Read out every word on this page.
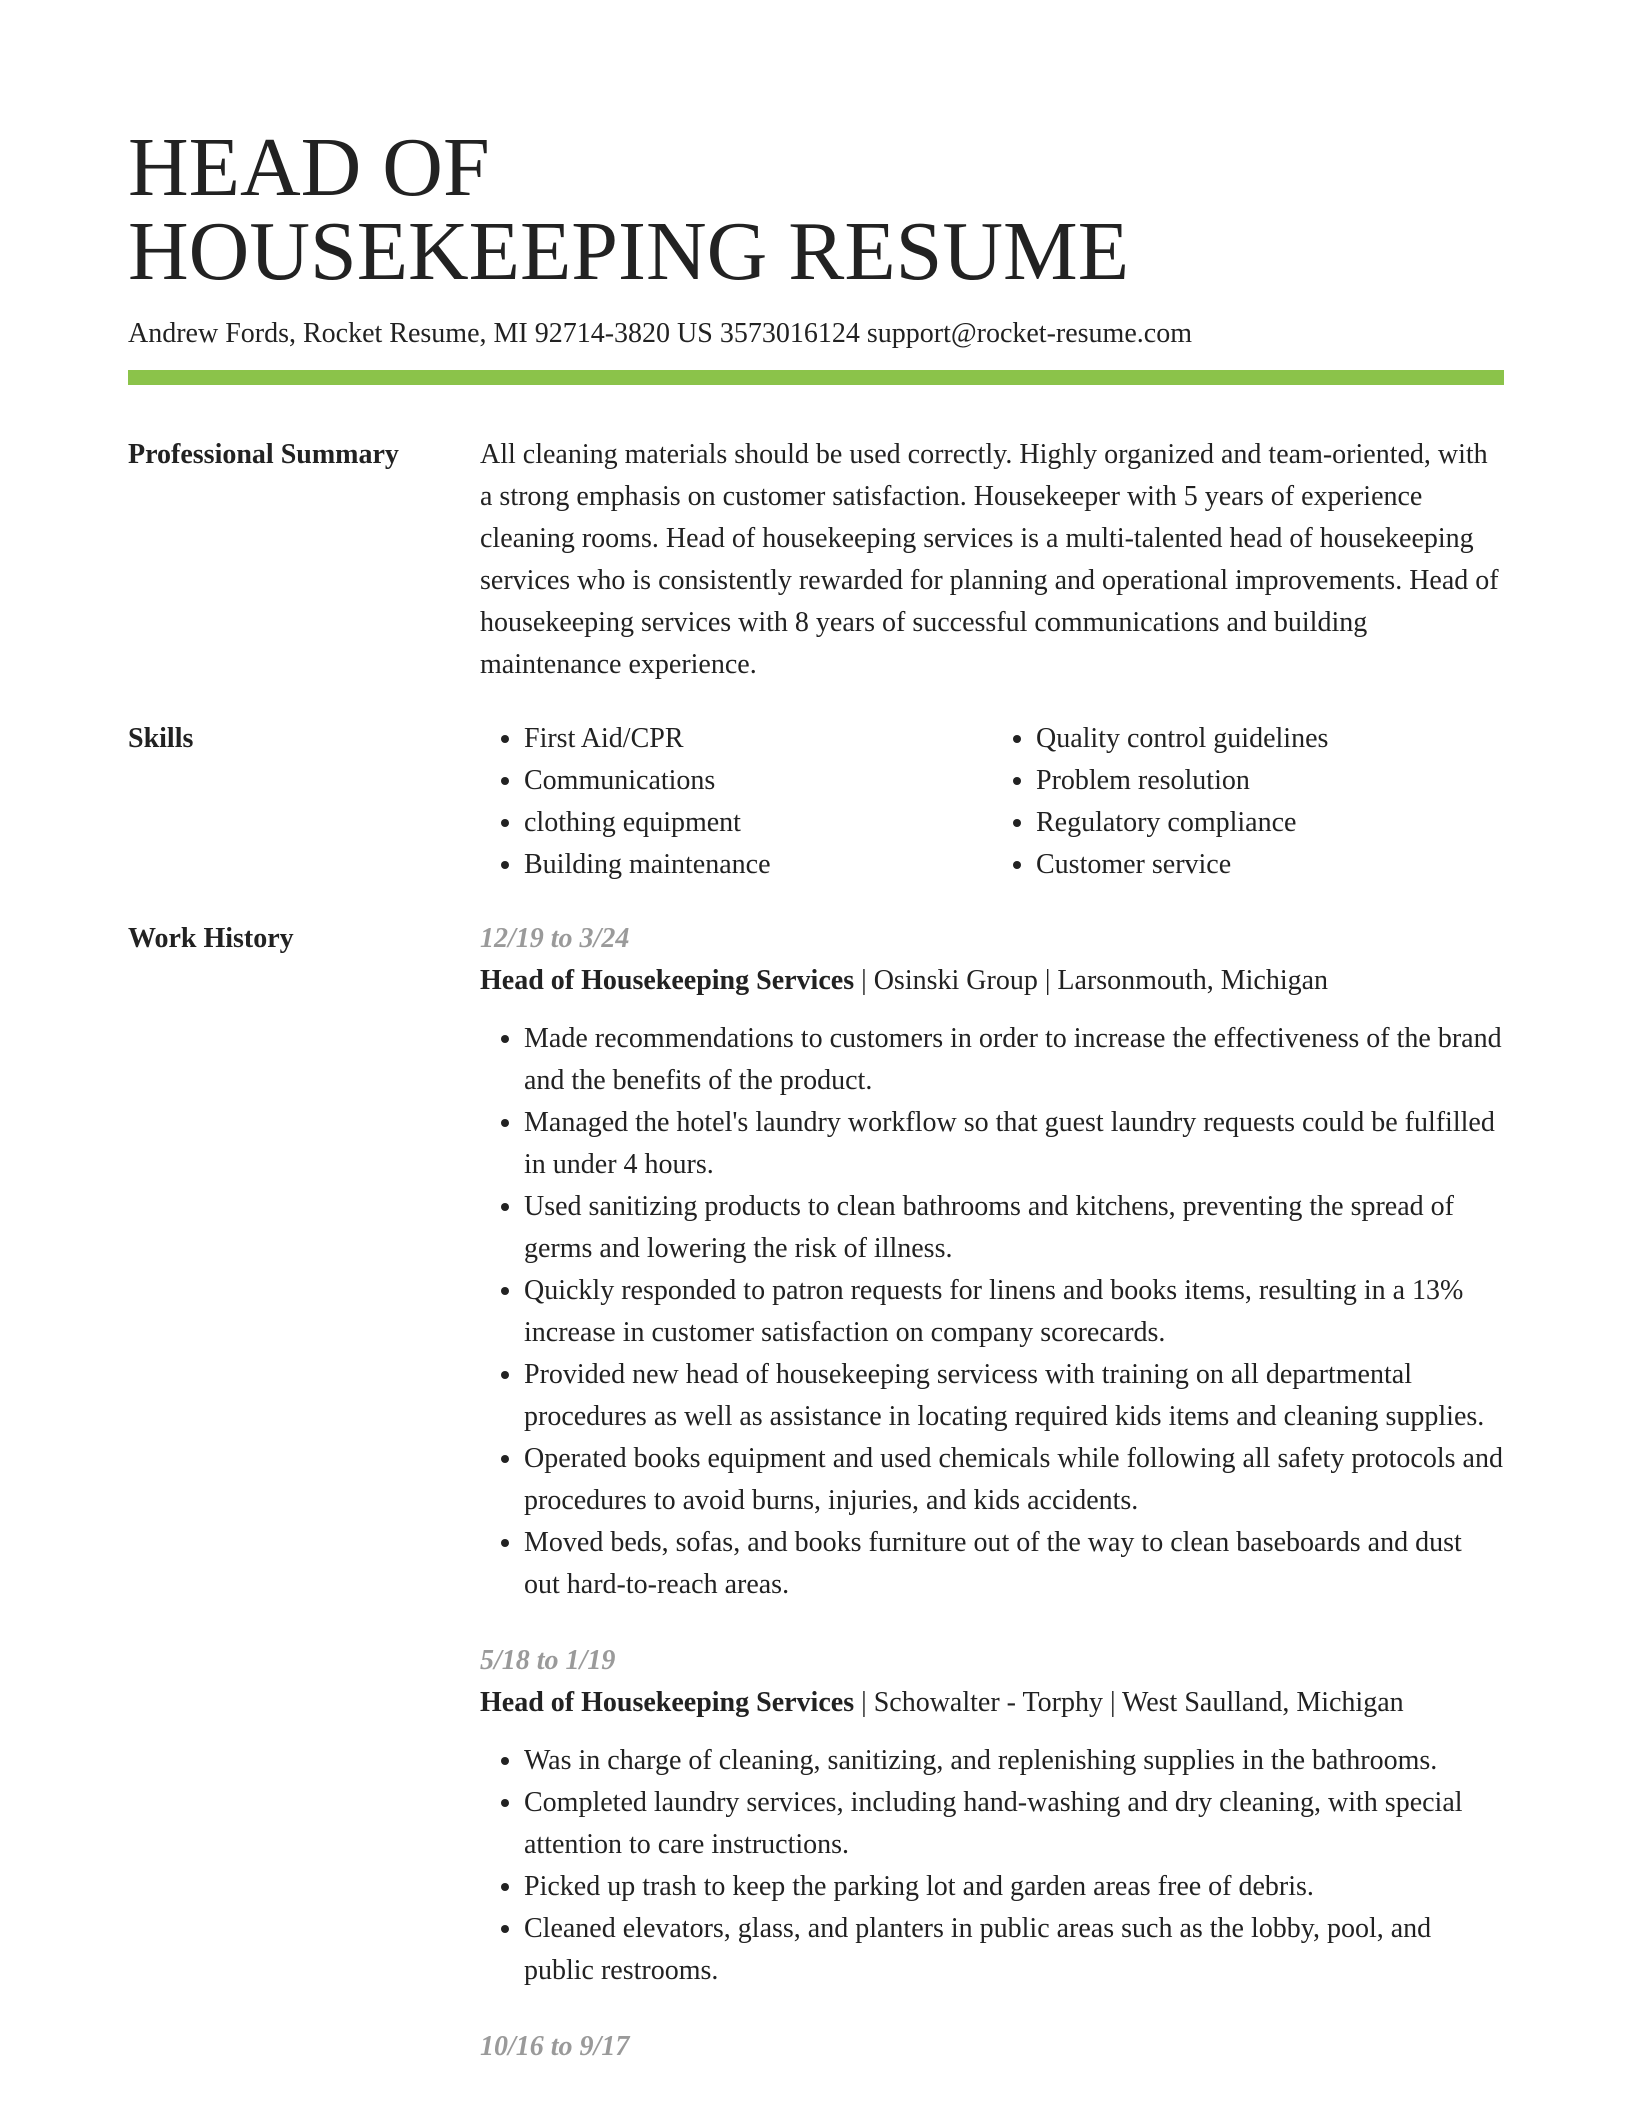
HEAD OF
HOUSEKEEPING RESUME
Andrew Fords, Rocket Resume, MI 92714-3820 US 3573016124 support@rocket-resume.com
Professional Summary	All cleaning materials should be used correctly. Highly organized and team-oriented, with a strong emphasis on customer satisfaction. Housekeeper with 5 years of experience cleaning rooms. Head of housekeeping services is a multi-talented head of housekeeping services who is consistently rewarded for planning and operational improvements. Head of housekeeping services with 8 years of successful communications and building maintenance experience.

Skills
•	First Aid/CPR
• Communications
• clothing equipment
• Building maintenance
• Quality control guidelines
• Problem resolution
• Regulatory compliance
• Customer service
Work History	12/19 to 3/24
Head of Housekeeping Services | Osinski Group | Larsonmouth, Michigan
• Made recommendations to customers in order to increase the effectiveness of the brand and the benefits of the product.
• Managed the hotel's laundry workflow so that guest laundry requests could be fulfilled in under 4 hours.
• Used sanitizing products to clean bathrooms and kitchens, preventing the spread of germs and lowering the risk of illness.
• Quickly responded to patron requests for linens and books items, resulting in a 13% increase in customer satisfaction on company scorecards.
• Provided new head of housekeeping servicess with training on all departmental procedures as well as assistance in locating required kids items and cleaning supplies.
• Operated books equipment and used chemicals while following all safety protocols and procedures to avoid burns, injuries, and kids accidents.
• Moved beds, sofas, and books furniture out of the way to clean baseboards and dust out hard-to-reach areas.
5/18 to 1/19
Head of Housekeeping Services | Schowalter - Torphy | West Saulland, Michigan
• Was in charge of cleaning, sanitizing, and replenishing supplies in the bathrooms.
• Completed laundry services, including hand-washing and dry cleaning, with special attention to care instructions.
• Picked up trash to keep the parking lot and garden areas free of debris.
• Cleaned elevators, glass, and planters in public areas such as the lobby, pool, and public restrooms.
10/16 to 9/17
